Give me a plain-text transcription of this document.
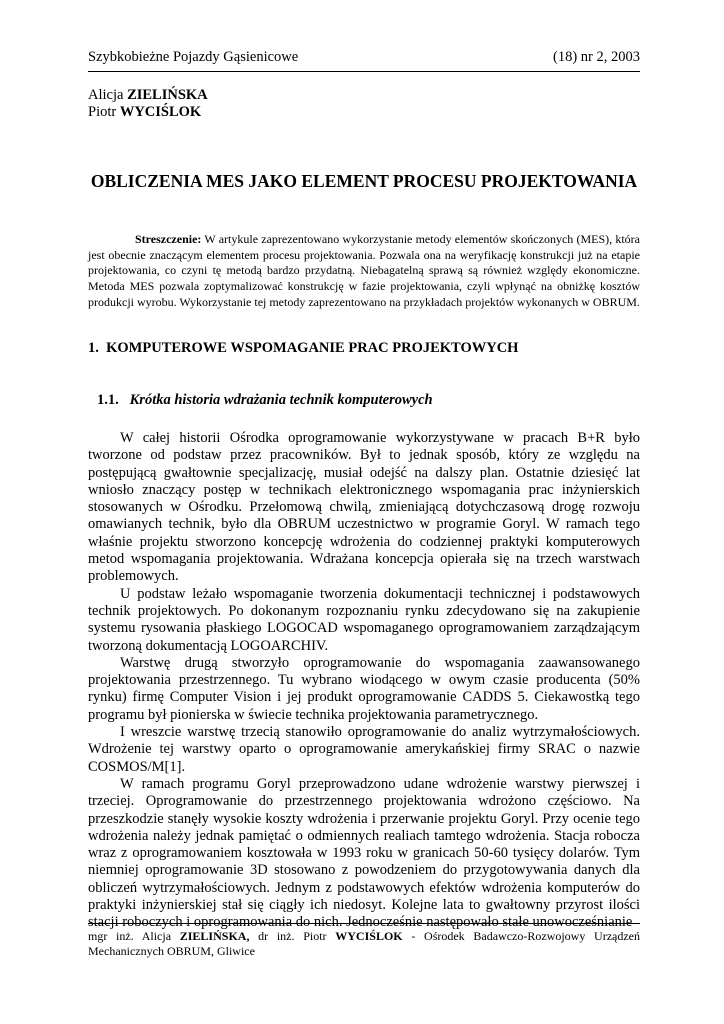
Szybkobieżne Pojazdy Gąsienicowe	(18) nr 2, 2003
Alicja ZIELIŃSKA
Piotr WYCIŚLOK
OBLICZENIA MES JAKO ELEMENT PROCESU PROJEKTOWANIA

Streszczenie: W artykule zaprezentowano wykorzystanie metody elementów skończonych (MES), która jest obecnie znaczącym elementem procesu projektowania. Pozwala ona na weryfikację konstrukcji już na etapie projektowania, co czyni tę metodą bardzo przydatną. Niebagatelną sprawą są również względy ekonomiczne. Metoda MES pozwala zoptymalizować konstrukcję w fazie projektowania, czyli wpłynąć na obniżkę kosztów produkcji wyrobu. Wykorzystanie tej metody zaprezentowano na przykładach projektów wykonanych w OBRUM.

1. KOMPUTEROWE WSPOMAGANIE PRAC PROJEKTOWYCH
1.1. Krótka historia wdrażania technik komputerowych

W całej historii Ośrodka oprogramowanie wykorzystywane w pracach B+R było tworzone od podstaw przez pracowników. Był to jednak sposób, który ze względu na postępującą gwałtownie specjalizację, musiał odejść na dalszy plan. Ostatnie dziesięć lat wniosło znaczący postęp w technikach elektronicznego wspomagania prac inżynierskich stosowanych w Ośrodku. Przełomową chwilą, zmieniającą dotychczasową drogę rozwoju omawianych technik, było dla OBRUM uczestnictwo w programie Goryl. W ramach tego właśnie projektu stworzono koncepcję wdrożenia do codziennej praktyki komputerowych metod wspomagania projektowania. Wdrażana koncepcja opierała się na trzech warstwach problemowych.

U podstaw leżało wspomaganie tworzenia dokumentacji technicznej i podstawowych technik projektowych. Po dokonanym rozpoznaniu rynku zdecydowano się na zakupienie systemu rysowania płaskiego LOGOCAD wspomaganego oprogramowaniem zarządzającym tworzoną dokumentacją LOGOARCHIV.

Warstwę drugą stworzyło oprogramowanie do wspomagania zaawansowanego projektowania przestrzennego. Tu wybrano wiodącego w owym czasie producenta (50% rynku) firmę Computer Vision i jej produkt oprogramowanie CADDS 5. Ciekawostką tego programu był pionierska w świecie technika projektowania parametrycznego.

I wreszcie warstwę trzecią stanowiło oprogramowanie do analiz wytrzymałościowych. Wdrożenie tej warstwy oparto o oprogramowanie amerykańskiej firmy SRAC o nazwie COSMOS/M[1].

W ramach programu Goryl przeprowadzono udane wdrożenie warstwy pierwszej i trzeciej. Oprogramowanie do przestrzennego projektowania wdrożono częściowo. Na przeszkodzie stanęły wysokie koszty wdrożenia i przerwanie projektu Goryl. Przy ocenie tego wdrożenia należy jednak pamiętać o odmiennych realiach tamtego wdrożenia. Stacja robocza wraz z oprogramowaniem kosztowała w 1993 roku w granicach 50-60 tysięcy dolarów. Tym niemniej oprogramowanie 3D stosowano z powodzeniem do przygotowywania danych dla obliczeń wytrzymałościowych. Jednym z podstawowych efektów wdrożenia komputerów do praktyki inżynierskiej stał się ciągły ich niedosyt. Kolejne lata to gwałtowny przyrost ilości stacji roboczych i oprogramowania do nich. Jednocześnie następowało stałe unowocześnianie

mgr inż. Alicja ZIELIŃSKA, dr inż. Piotr WYCIŚLOK - Ośrodek Badawczo-Rozwojowy Urządzeń Mechanicznych OBRUM, Gliwice
